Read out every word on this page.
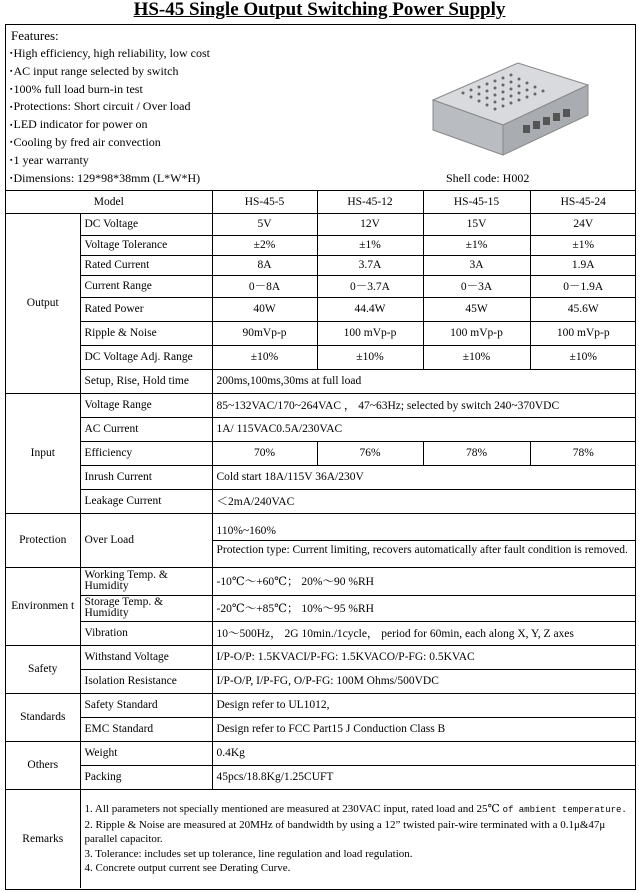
HS-45 Single Output Switching Power Supply
Features:
▪ High efficiency, high reliability, low cost
▪ AC input range selected by switch
▪ 100% full load burn-in test
▪ Protections: Short circuit / Over load
▪ LED indicator for power on
▪ Cooling by fred air convection
▪ 1 year warranty
▪ Dimensions: 129*98*38mm (L*W*H)	Shell code: H002
Model		HS-45-5	HS-45-12	HS-45-15	HS-45-24
Output	DC Voltage	5V	12V	15V	24V
	Voltage Tolerance	±2%	±1%	±1%	±1%
	Rated Current	8A	3.7A	3A	1.9A
	Current Range	0－8A	0－3.7A	0－3A	0－1.9A
	Rated Power	40W	44.4W	45W	45.6W
	Ripple & Noise	90mVp-p	100 mVp-p	100 mVp-p	100 mVp-p
	DC Voltage Adj. Range	±10%	±10%	±10%	±10%
	Setup, Rise, Hold time	200ms,100ms,30ms at full load			
Input	Voltage Range	85~132VAC/170~264VAC ， 47~63Hz; selected by switch 240~370VDC			
	AC Current	1A/ 115VAC0.5A/230VAC			
	Efficiency	70%	76%	78%	78%
	Inrush Current	Cold start 18A/115V 36A/230V			
	Leakage Current	＜2mA/240VAC			
Protection	Over Load	110%~160%
Protection type: Current limiting, recovers automatically after fault condition is removed.			

Environmen t	Working Temp. & Humidity	-10℃～+60℃； 20%～90 %RH			
	Storage Temp. & Humidity	-20℃～+85℃； 10%～95 %RH			
	Vibration	10～500Hz， 2G 10min./1cycle， period for 60min, each along X, Y, Z axes			
Safety	Withstand Voltage	I/P-O/P: 1.5KVACI/P-FG: 1.5KVACO/P-FG: 0.5KVAC			
	Isolation Resistance	I/P-O/P, I/P-FG, O/P-FG: 100M Ohms/500VDC			
Standards	Safety Standard	Design refer to UL1012,			
	EMC Standard	Design refer to FCC Part15 J Conduction Class B			
Others	Weight	0.4Kg			
	Packing	45pcs/18.8Kg/1.25CUFT			
Remarks	1. All parameters not specially mentioned are measured at 230VAC input, rated load and 25℃ of ambient temperature.
2. Ripple & Noise are measured at 20MHz of bandwidth by using a 12” twisted pair-wire terminated with a 0.1μ&47μ parallel capacitor.
3. Tolerance: includes set up tolerance, line regulation and load regulation.
4. Concrete output current see Derating Curve.				
